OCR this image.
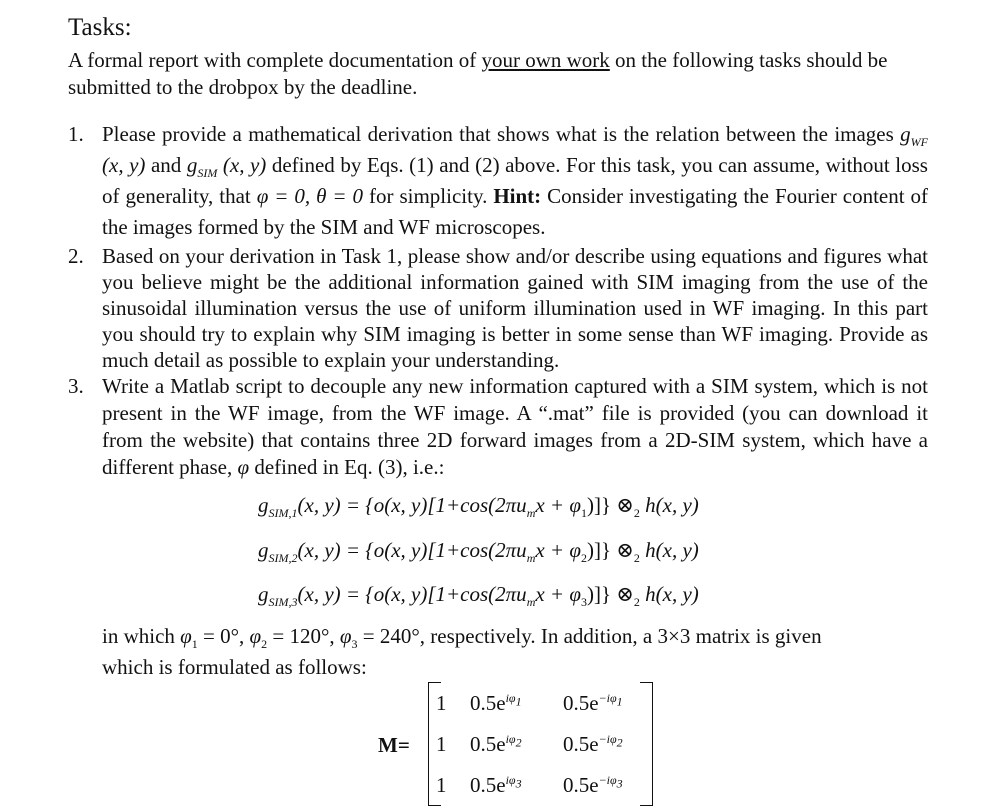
Tasks:
A formal report with complete documentation of your own work on the following tasks should be submitted to the drobpox by the deadline.
1. Please provide a mathematical derivation that shows what is the relation between the images $g_{WF}$ (x, y) and $g_{SIM}$ (x, y) defined by Eqs. (1) and (2) above. For this task, you can assume, without loss of generality, that φ = 0, θ = 0 for simplicity. Hint: Consider investigating the Fourier content of the images formed by the SIM and WF microscopes.
2. Based on your derivation in Task 1, please show and/or describe using equations and figures what you believe might be the additional information gained with SIM imaging from the use of the sinusoidal illumination versus the use of uniform illumination used in WF imaging. In this part you should try to explain why SIM imaging is better in some sense than WF imaging. Provide as much detail as possible to explain your understanding.
3. Write a Matlab script to decouple any new information captured with a SIM system, which is not present in the WF image, from the WF image. A “.mat” file is provided (you can download it from the website) that contains three 2D forward images from a 2D-SIM system, which have a different phase, φ defined in Eq. (3), i.e.:
$g_{SIM,1}(x$, y) = {o(x, $y)[1+\cos(2\pi u_mx + \varphi_1)]$} $\otimes_2$ h(x, y)
$g_{SIM,2}(x$, y) = {o(x, $y)[1+\cos(2\pi u_mx + \varphi_2)]$} $\otimes_2$ h(x, y)
$g_{SIM,3}(x$, y) = {o(x, $y)[1+\cos(2\pi u_mx + \varphi_3)]$} $\otimes_2$ h(x, y)
in which $\varphi_1 = 0^\circ$, $\varphi_2 = 120^\circ$, $\varphi_3 = 240^\circ$, respectively. In addition, a 3×3 matrix is given
which is formulated as follows:
M=
1 $0.5e^{i\varphi_1}$ $0.5e^{-i\varphi_1}$
1 $0.5e^{i\varphi_2}$ $0.5e^{-i\varphi_2}$
1 $0.5e^{i\varphi_3}$ $0.5e^{-i\varphi_3}$
